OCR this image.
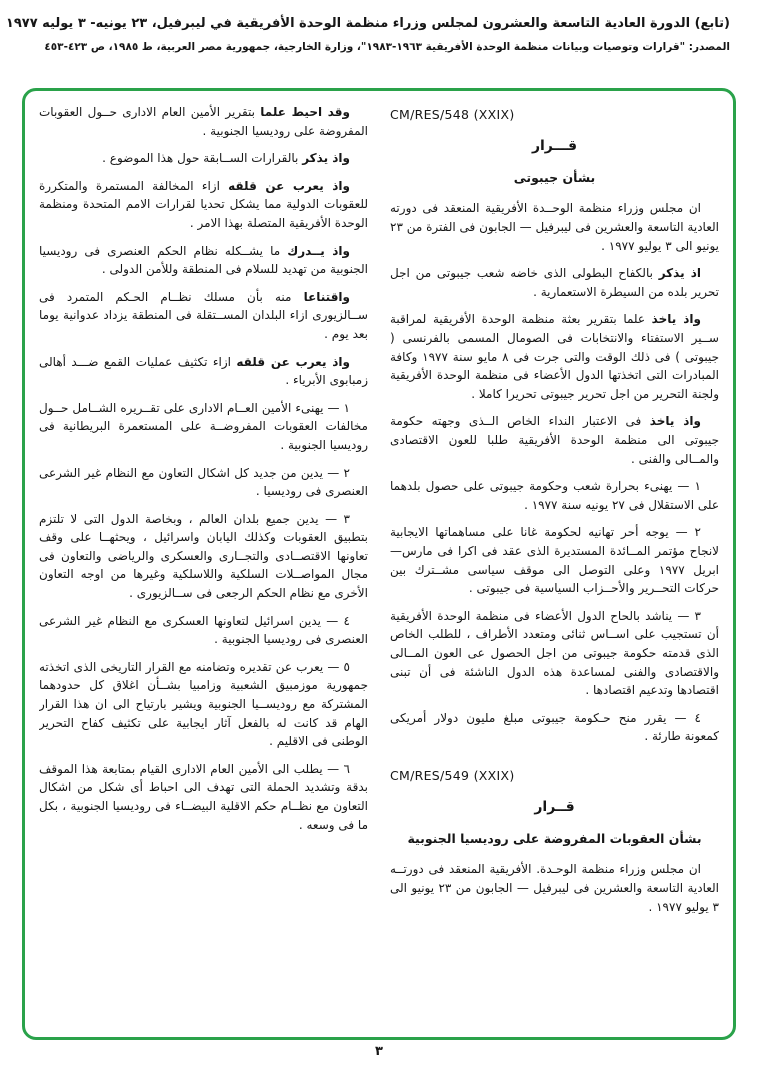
(تابع) الدورة العادية التاسعة والعشرون لمجلس وزراء منظمة الوحدة الأفريقية في ليبرفيل، ٢٣ يونيه- ٣ يوليه ١٩٧٧
المصدر: "قرارات وتوصيات وبيانات منظمة الوحدة الأفريقية ١٩٦٣-١٩٨٣"، وزارة الخارجية، جمهورية مصر العربية، ط ١٩٨٥، ص ٤٢٣-٤٥٣
CM/RES/548 (XXIX)
قـــرار
بشأن جيبوتى

ان مجلس وزراء منظمة الوحــدة الأفريقية المنعقد فى دورته العادية التاسعة والعشرين فى ليبرفيل — الجابون فى الفترة من ٢٣ يونيو الى ٣ يوليو ١٩٧٧ .

اذ يذكر بالكفاح البطولى الذى خاضه شعب جيبوتى من اجل تحرير بلده من السيطرة الاستعمارية .

واذ ياخذ علما بتقرير بعثة منظمة الوحدة الأفريقية لمراقبة ســير الاستفتاء والانتخابات فى الصومال المسمى بالفرنسى ( جيبوتى ) فى ذلك الوقت والتى جرت فى ٨ مايو سنة ١٩٧٧ وكافة المبادرات التى اتخذتها الدول الأعضاء فى منظمة الوحدة الأفريقية ولجنة التحرير من اجل تحرير جيبوتى تحريرا كاملا .

واذ ياخذ فى الاعتبار النداء الخاص الــذى وجهته حكومة جيبوتى الى منظمة الوحدة الأفريقية طلبا للعون الاقتصادى والمــالى والفنى .

١ — يهنىء بحرارة شعب وحكومة جيبوتى على حصول بلدهما على الاستقلال فى ٢٧ يونيه سنة ١٩٧٧ .

٢ — يوجه أحر تهانيه لحكومة غانا على مساهماتها الايجابية لانجاح مؤتمر المــائدة المستديرة الذى عقد فى اكرا فى مارس— ابريل ١٩٧٧ وعلى التوصل الى موقف سياسى مشــترك بين حركات التحــرير والأحــزاب السياسية فى جيبوتى .

٣ — يناشد بالحاح الدول الأعضاء فى منظمة الوحدة الأفريقية أن تستجيب على اســاس ثنائى ومتعدد الأطراف ، للطلب الخاص الذى قدمته حكومة جيبوتى من اجل الحصول عى العون المــالى والاقتصادى والفنى لمساعدة هذه الدول الناشئة فى أن تبنى اقتصادها وتدعيم اقتصادها .

٤ — يقرر منح حـكومة جيبوتى مبلغ مليون دولار أمريكى كمعونة طارئة .

CM/RES/549 (XXIX)
قــرار
بشأن العقوبات المفروضة على روديسيا الجنوبية

ان مجلس وزراء منظمة الوحـدة. الأفريقية المنعقد فى دورتــه العادية التاسعة والعشرين فى ليبرفيل — الجابون من ٢٣ يونيو الى ٣ يوليو ١٩٧٧ .

وقد احيط علما بتقرير الأمين العام الادارى حــول العقوبات المفروضة على روديسيا الجنوبية .

واذ يذكر بالقرارات الســابقة حول هذا الموضوع .

واذ يعرب عن قلقه ازاء المخالفة المستمرة والمتكررة للعقوبات الدولية مما يشكل تحديا لقرارات الامم المتحدة ومنظمة الوحدة الأفريقية المتصلة بهذا الامر .

واذ يــدرك ما يشــكله نظام الحكم العنصرى فى روديسيا الجنوبية من تهديد للسلام فى المنطقة وللأمن الدولى .

واقتناعا منه بأن مسلك نظــام الحـكم المتمرد فى ســالزيورى ازاء البلدان المســتقلة فى المنطقة يزداد عدوانية يوما بعد يوم .

واذ يعرب عن قلقه ازاء تكثيف عمليات القمع ضـــد أهالى زمبابوى الأبرياء .

١ — يهنىء الأمين العــام الادارى على تقــريره الشــامل حــول مخالفات العقوبات المفروضــة على المستعمرة البريطانية فى روديسيا الجنوبية .

٢ — يدين من جديد كل اشكال التعاون مع النظام غير الشرعى العنصرى فى روديسيا .

٣ — يدين جميع بلدان العالم ، وبخاصة الدول التى لا تلتزم بتطبيق العقوبات وكذلك اليابان واسرائيل ، ويحثهــا على وقف تعاونها الاقتصــادى والتجــارى والعسكرى والرياضى والتعاون فى مجال المواصــلات السلكية واللاسلكية وغيرها من اوجه التعاون الأخرى مع نظام الحكم الرجعى فى ســالزيورى .

٤ — يدين اسرائيل لتعاونها العسكرى مع النظام غير الشرعى العنصرى فى روديسيا الجنوبية .

٥ — يعرب عن تقديره وتضامنه مع القرار التاريخى الذى اتخذته جمهورية موزمبيق الشعبية وزامبيا بشــأن اغلاق كل حدودهما المشتركة مع روديســيا الجنوبية ويشير بارتياح الى ان هذا القرار الهام قد كانت له بالفعل آثار ايجابية على تكثيف كفاح التحرير الوطنى فى الاقليم .

٦ — يطلب الى الأمين العام الادارى القيام بمتابعة هذا الموقف بدقة وتشديد الحملة التى تهدف الى احباط أى شكل من اشكال التعاون مع نظــام حكم الاقلية البيضــاء فى روديسيا الجنوبية ، بكل ما فى وسعه .

٣
